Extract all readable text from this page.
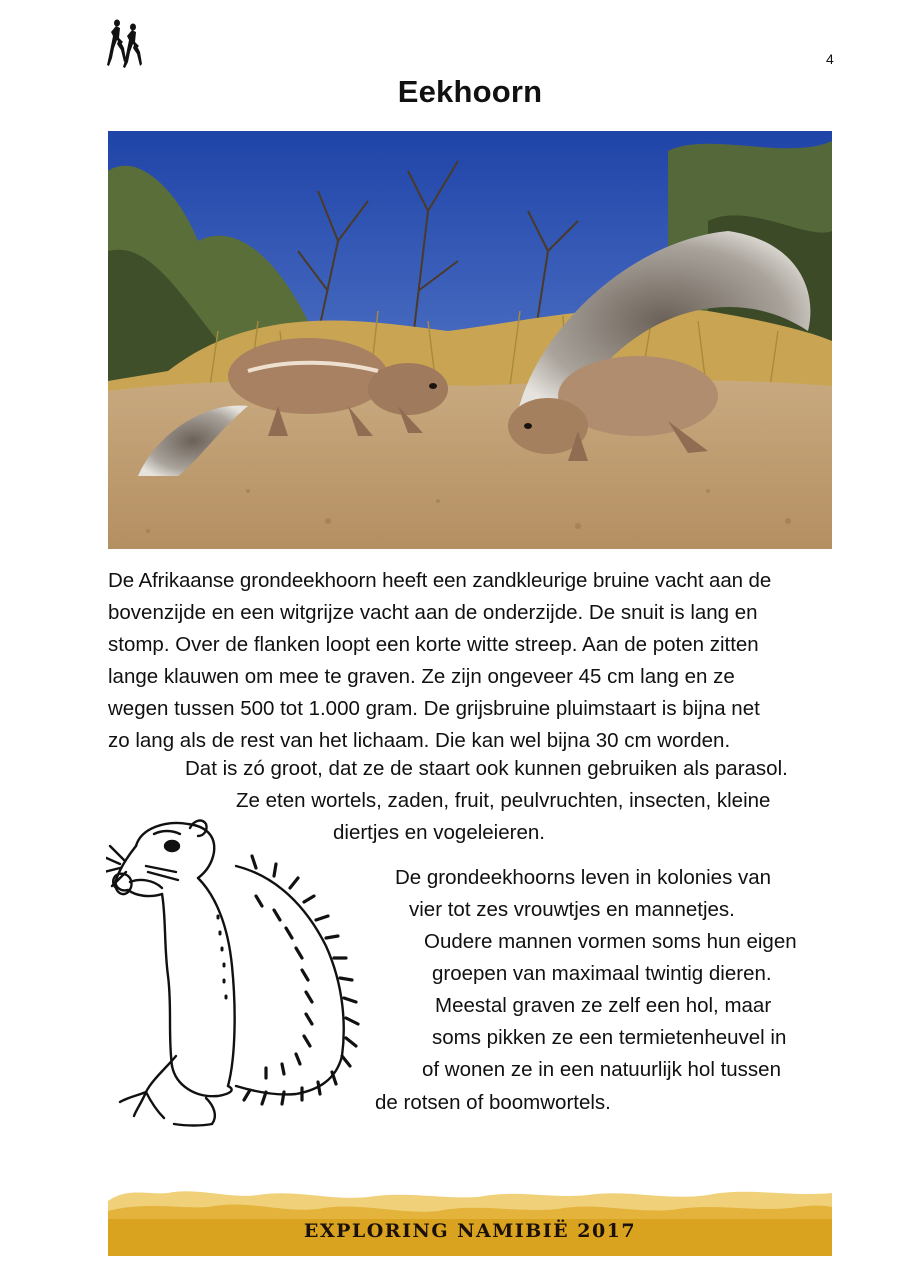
4
Eekhoorn
De Afrikaanse grondeekhoorn heeft een zandkleurige bruine vacht aan de
bovenzijde en een witgrijze vacht aan de onderzijde. De snuit is lang en
stomp. Over de flanken loopt een korte witte streep. Aan de poten zitten
lange klauwen om mee te graven. Ze zijn ongeveer 45 cm lang en ze
wegen tussen 500 tot 1.000 gram. De grijsbruine pluimstaart is bijna net
zo lang als de rest van het lichaam. Die kan wel bijna 30 cm worden.
Dat is zó groot, dat ze de staart ook kunnen gebruiken als parasol.
Ze eten wortels, zaden, fruit, peulvruchten, insecten, kleine
diertjes en vogeleieren.
De grondeekhoorns leven in kolonies van
vier tot zes vrouwtjes en mannetjes.
Oudere mannen vormen soms hun eigen
groepen van maximaal twintig dieren.
Meestal graven ze zelf een hol, maar
soms pikken ze een termietenheuvel in
of wonen ze in een natuurlijk hol tussen
de rotsen of boomwortels.
EXPLORING NAMIBIË 2017
